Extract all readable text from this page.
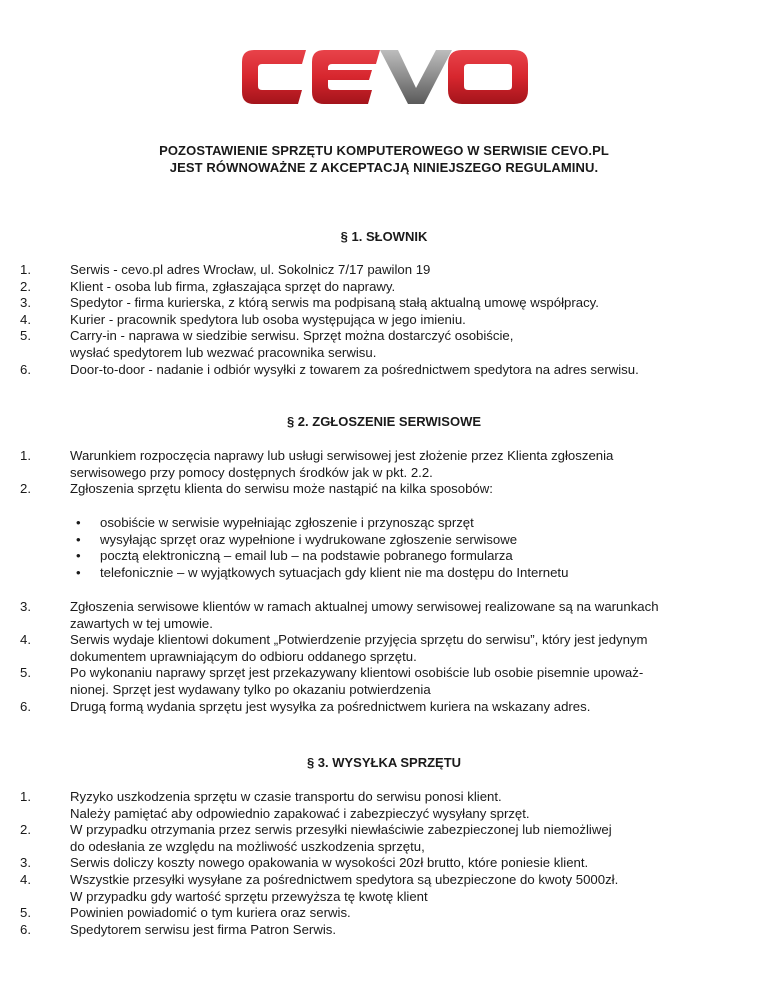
POZOSTAWIENIE SPRZĘTU KOMPUTEROWEGO W SERWISIE CEVO.PL
JEST RÓWNOWAŻNE Z AKCEPTACJĄ NINIEJSZEGO REGULAMINU.
§ 1. SŁOWNIK
1.	Serwis - cevo.pl adres Wrocław, ul. Sokolnicz 7/17 pawilon 19
2.	Klient - osoba lub firma, zgłaszająca sprzęt do naprawy.
3.	Spedytor - firma kurierska, z którą serwis ma podpisaną stałą aktualną umowę współpracy.
4.	Kurier - pracownik spedytora lub osoba występująca w jego imieniu.
5.	Carry-in - naprawa w siedzibie serwisu. Sprzęt można dostarczyć osobiście,
wysłać spedytorem lub wezwać pracownika serwisu.
6.	Door-to-door - nadanie i odbiór wysyłki z towarem za pośrednictwem spedytora na adres serwisu.
§ 2. ZGŁOSZENIE SERWISOWE
1.	Warunkiem rozpoczęcia naprawy lub usługi serwisowej jest złożenie przez Klienta zgłoszenia
serwisowego przy pomocy dostępnych środków jak w pkt. 2.2.
2.	Zgłoszenia sprzętu klienta do serwisu może nastąpić na kilka sposobów:
•	osobiście w serwisie wypełniając zgłoszenie i przynosząc sprzęt
•	wysyłając sprzęt oraz wypełnione i wydrukowane zgłoszenie serwisowe
•	pocztą elektroniczną – email lub – na podstawie pobranego formularza
•	telefonicznie – w wyjątkowych sytuacjach gdy klient nie ma dostępu do Internetu
3.	Zgłoszenia serwisowe klientów w ramach aktualnej umowy serwisowej realizowane są na warunkach
zawartych w tej umowie.
4.	Serwis wydaje klientowi dokument „Potwierdzenie przyjęcia sprzętu do serwisu”, który jest jedynym
dokumentem uprawniającym do odbioru oddanego sprzętu.
5.	Po wykonaniu naprawy sprzęt jest przekazywany klientowi osobiście lub osobie pisemnie upoważ-
nionej. Sprzęt jest wydawany tylko po okazaniu potwierdzenia
6.	Drugą formą wydania sprzętu jest wysyłka za pośrednictwem kuriera na wskazany adres.
§ 3. WYSYŁKA SPRZĘTU
1.	Ryzyko uszkodzenia sprzętu w czasie transportu do serwisu ponosi klient.
Należy pamiętać aby odpowiednio zapakować i zabezpieczyć wysyłany sprzęt.
2.	W przypadku otrzymania przez serwis przesyłki niewłaściwie zabezpieczonej lub niemożliwej
do odesłania ze względu na możliwość uszkodzenia sprzętu,
3.	Serwis doliczy koszty nowego opakowania w wysokości 20zł brutto, które poniesie klient.
4.	Wszystkie przesyłki wysyłane za pośrednictwem spedytora są ubezpieczone do kwoty 5000zł.
W przypadku gdy wartość sprzętu przewyższa tę kwotę klient
5.	Powinien powiadomić o tym kuriera oraz serwis.
6.	Spedytorem serwisu jest firma Patron Serwis.
